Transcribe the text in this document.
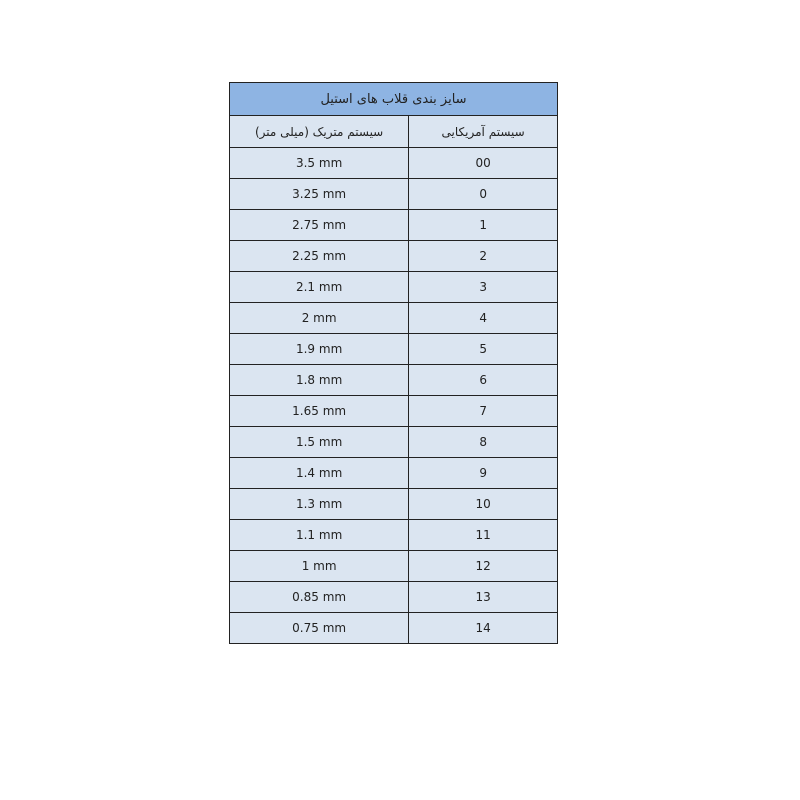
سایز بندی قلاب های استیل	
سیستم متریک (میلی متر)	سیستم آمریکایی
3.5 mm	00
3.25 mm	0
2.75 mm	1
2.25 mm	2
2.1 mm	3
2 mm	4
1.9 mm	5
1.8 mm	6
1.65 mm	7
1.5 mm	8
1.4 mm	9
1.3 mm	10
1.1 mm	11
1 mm	12
0.85 mm	13
0.75 mm	14
